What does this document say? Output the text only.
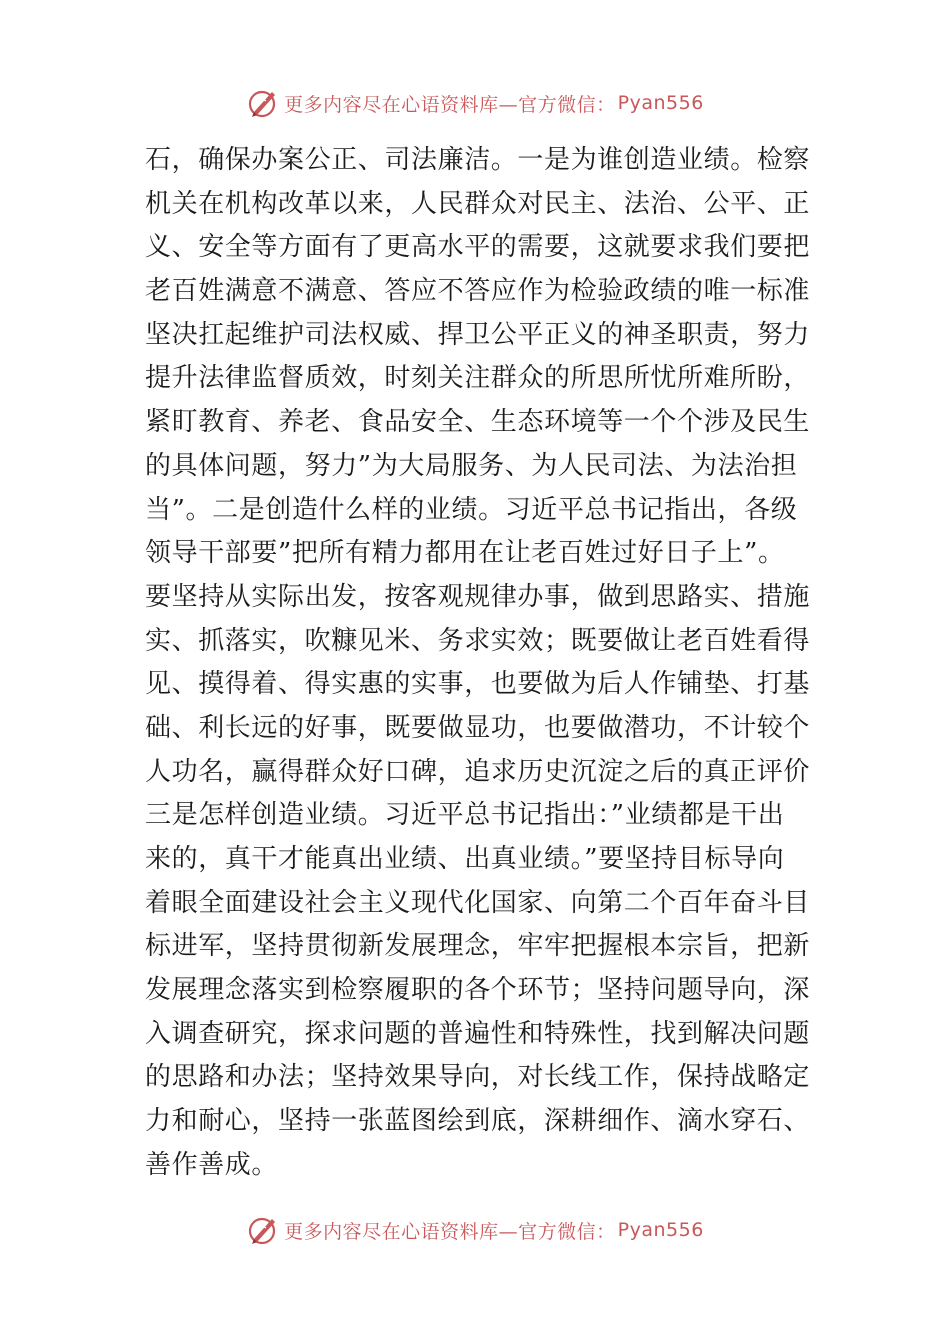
更多内容尽在心语资料库—官方微信： Pyan556
石，确保办案公正、司法廉洁。一是为谁创造业绩。检察
机关在机构改革以来，人民群众对民主、法治、公平、正
义、安全等方面有了更高水平的需要，这就要求我们要把
老百姓满意不满意、答应不答应作为检验政绩的唯一标准
坚决扛起维护司法权威、捍卫公平正义的神圣职责，努力
提升法律监督质效，时刻关注群众的所思所忧所难所盼，
紧盯教育、养老、食品安全、生态环境等一个个涉及民生
的具体问题，努力”为大局服务、为人民司法、为法治担
当”。二是创造什么样的业绩。习近平总书记指出，各级
领导干部要”把所有精力都用在让老百姓过好日子上”。
要坚持从实际出发，按客观规律办事，做到思路实、措施
实、抓落实，吹糠见米、务求实效；既要做让老百姓看得
见、摸得着、得实惠的实事，也要做为后人作铺垫、打基
础、利长远的好事，既要做显功，也要做潜功，不计较个
人功名，赢得群众好口碑，追求历史沉淀之后的真正评价
三是怎样创造业绩。习近平总书记指出：”业绩都是干出
来的，真干才能真出业绩、出真业绩。”要坚持目标导向
着眼全面建设社会主义现代化国家、向第二个百年奋斗目
标进军，坚持贯彻新发展理念，牢牢把握根本宗旨，把新
发展理念落实到检察履职的各个环节；坚持问题导向，深
入调查研究，探求问题的普遍性和特殊性，找到解决问题
的思路和办法；坚持效果导向，对长线工作，保持战略定
力和耐心，坚持一张蓝图绘到底，深耕细作、滴水穿石、
善作善成。
更多内容尽在心语资料库—官方微信： Pyan556
